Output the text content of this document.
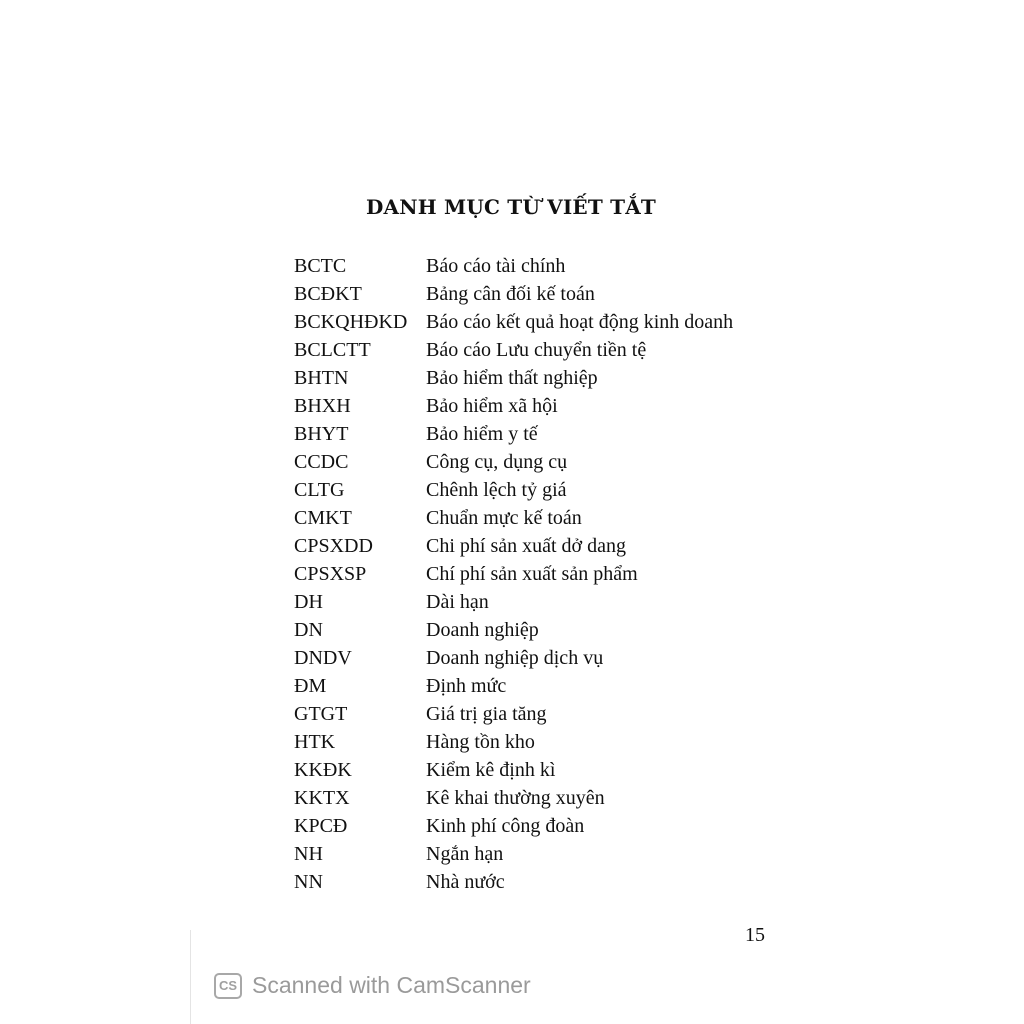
DANH MỤC TỪ VIẾT TẮT
BCTC	Báo cáo tài chính
BCĐKT	Bảng cân đối kế toán
BCKQHĐKD Báo cáo kết quả hoạt động kinh doanh
BCLCTT	Báo cáo Lưu chuyển tiền tệ
BHTN	Bảo hiểm thất nghiệp
BHXH	Bảo hiểm xã hội
BHYT	Bảo hiểm y tế
CCDC	Công cụ, dụng cụ
CLTG	Chênh lệch tỷ giá
CMKT	Chuẩn mực kế toán
CPSXDD	Chi phí sản xuất dở dang
CPSXSP	Chí phí sản xuất sản phẩm
DH	Dài hạn
DN	Doanh nghiệp
DNDV	Doanh nghiệp dịch vụ
ĐM	Định mức
GTGT	Giá trị gia tăng
HTK	Hàng tồn kho
KKĐK	Kiểm kê định kì
KKTX	Kê khai thường xuyên
KPCĐ	Kinh phí công đoàn
NH	Ngắn hạn
NN	Nhà nước
15
CS Scanned with CamScanner
